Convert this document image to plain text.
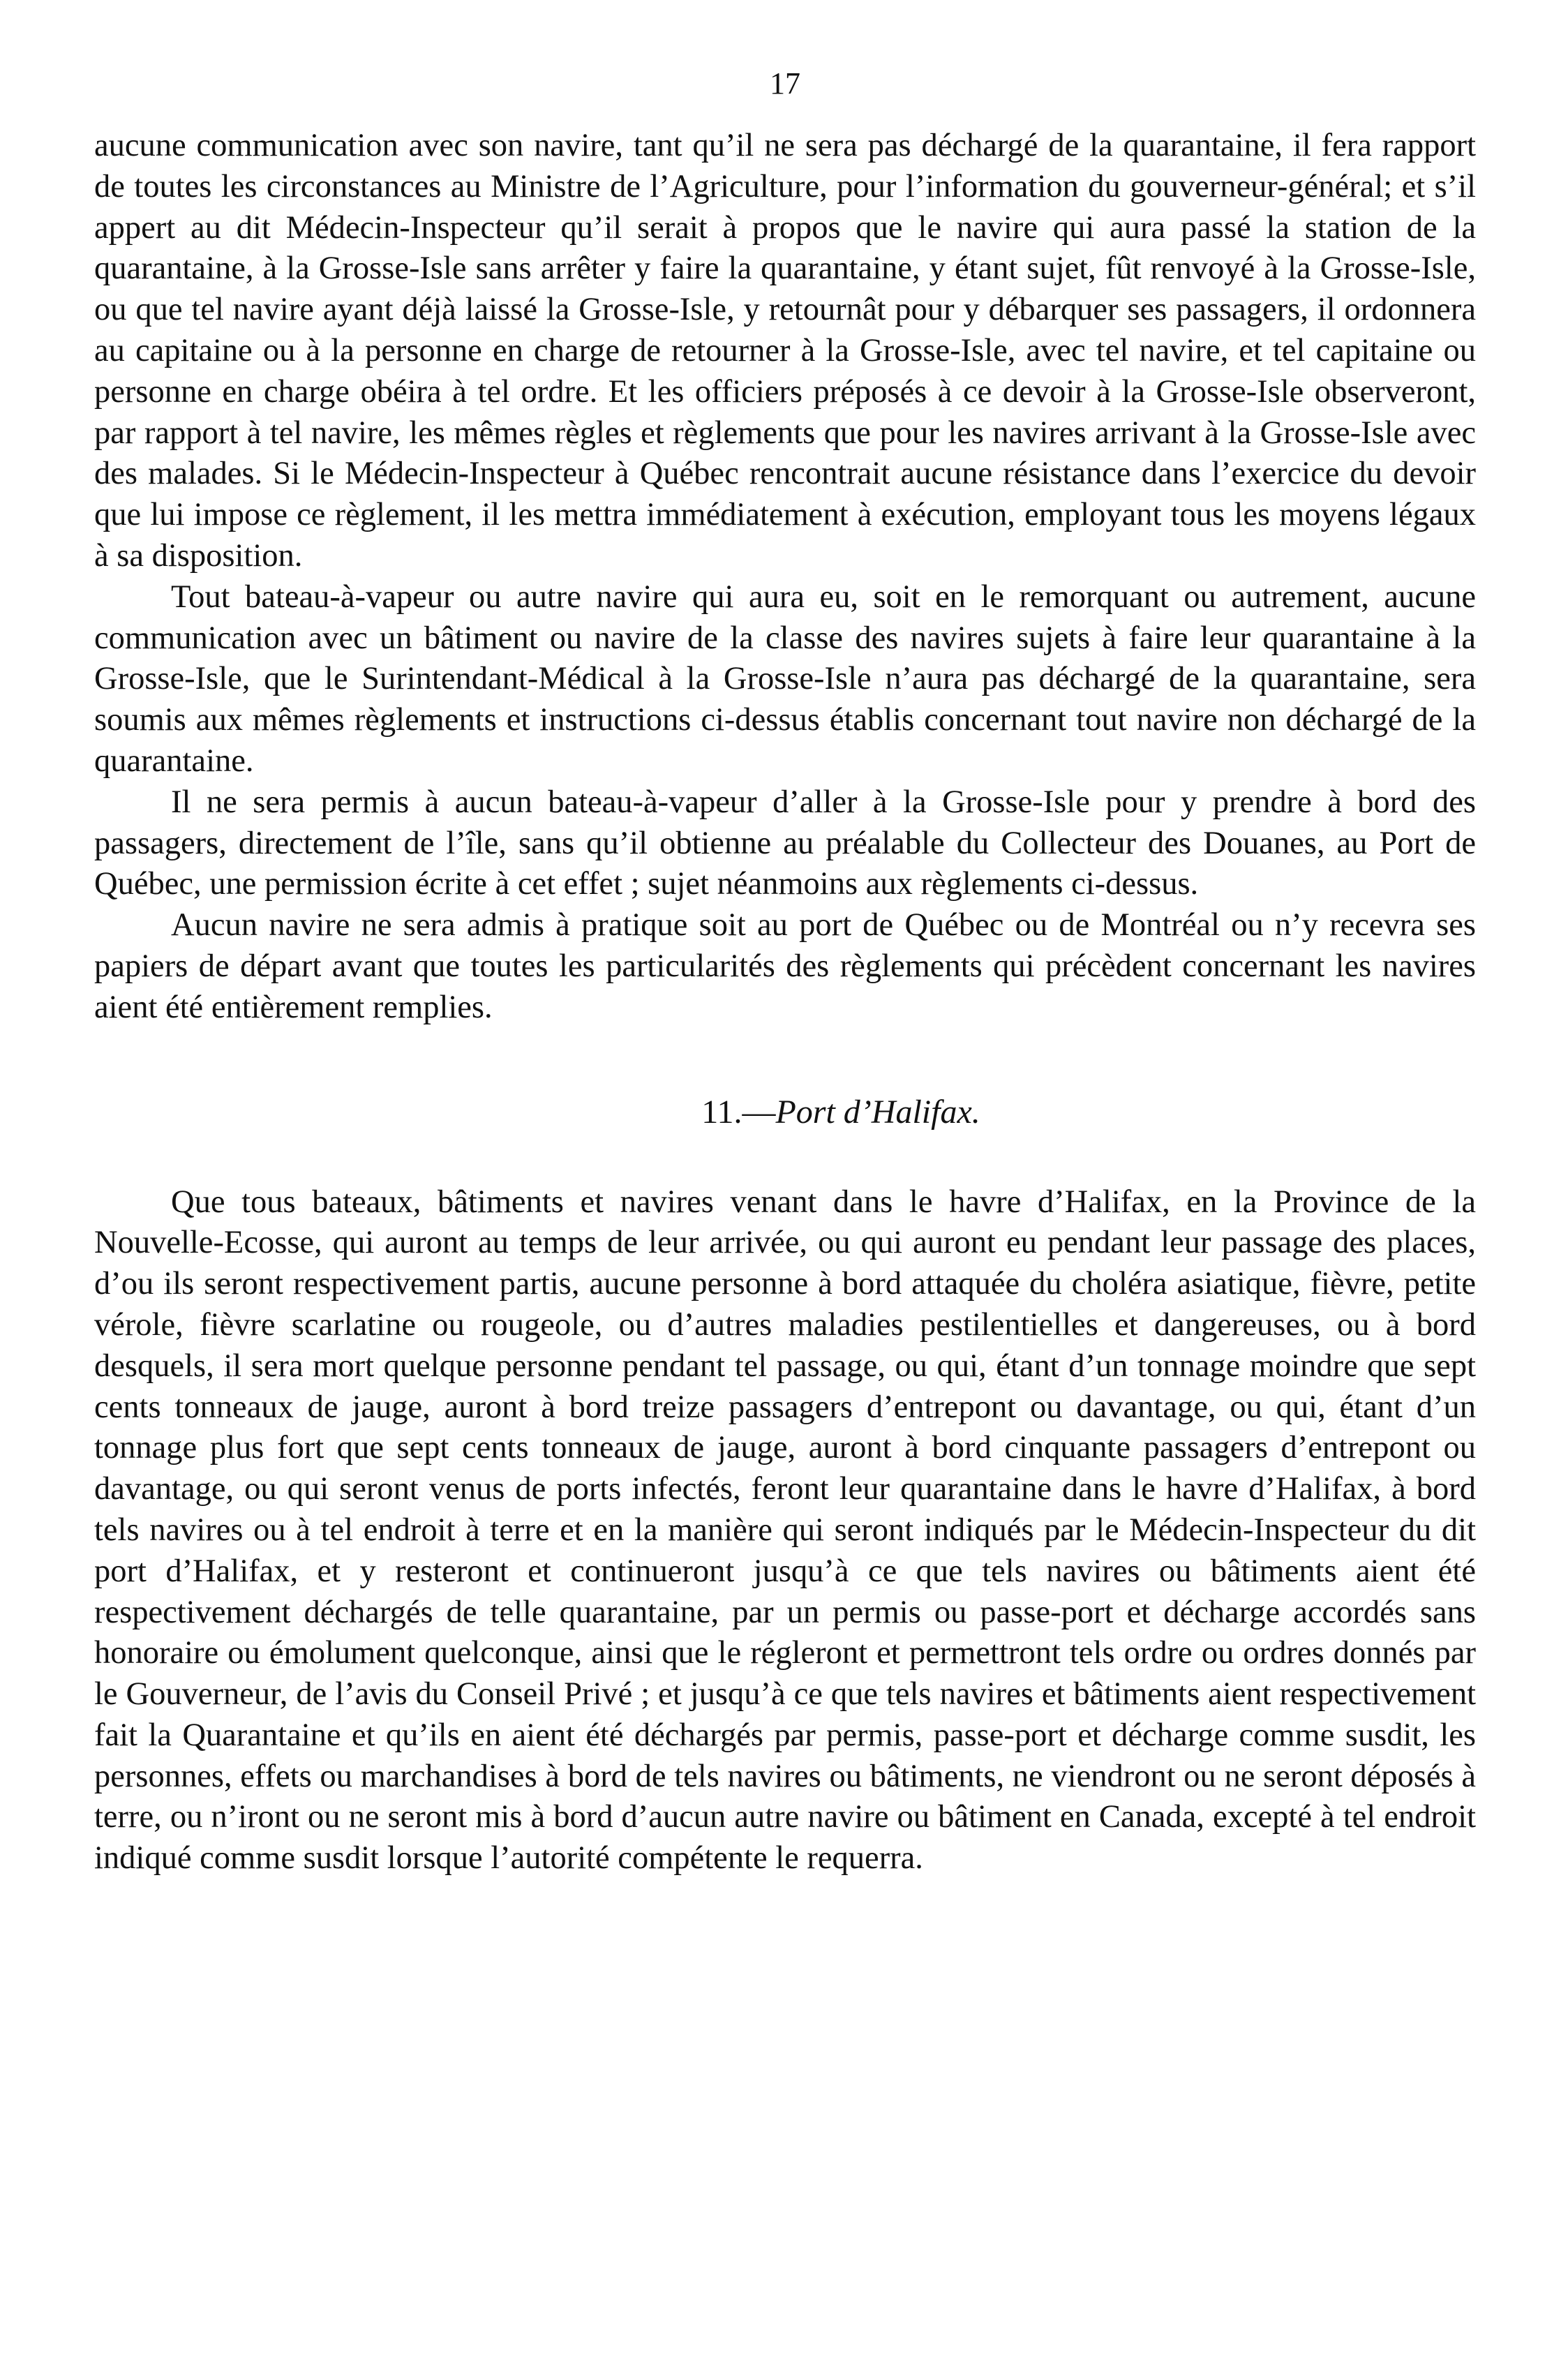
17

aucune communication avec son navire, tant qu’il ne sera pas déchargé de la quarantaine, il fera rapport de toutes les circonstances au Ministre de l’Agriculture, pour l’information du gouverneur-général; et s’il appert au dit Médecin-Inspecteur qu’il serait à propos que le navire qui aura passé la station de la quarantaine, à la Grosse-Isle sans arrêter y faire la quarantaine, y étant sujet, fût renvoyé à la Grosse-Isle, ou que tel navire ayant déjà laissé la Grosse-Isle, y retournât pour y débarquer ses passagers, il ordonnera au capitaine ou à la personne en charge de retourner à la Grosse-Isle, avec tel navire, et tel capitaine ou personne en charge obéira à tel ordre. Et les officiers préposés à ce devoir à la Grosse-Isle observeront, par rapport à tel navire, les mêmes règles et règlements que pour les navires arrivant à la Grosse-Isle avec des malades. Si le Médecin-Inspecteur à Québec rencontrait aucune résistance dans l’exercice du devoir que lui impose ce règlement, il les mettra immédiatement à exécution, employant tous les moyens légaux à sa disposition.

Tout bateau-à-vapeur ou autre navire qui aura eu, soit en le remorquant ou autrement, aucune communication avec un bâtiment ou navire de la classe des navires sujets à faire leur quarantaine à la Grosse-Isle, que le Surintendant-Médical à la Grosse-Isle n’aura pas déchargé de la quarantaine, sera soumis aux mêmes règlements et instructions ci-dessus établis concernant tout navire non déchargé de la quarantaine.

Il ne sera permis à aucun bateau-à-vapeur d’aller à la Grosse-Isle pour y prendre à bord des passagers, directement de l’île, sans qu’il obtienne au préalable du Collecteur des Douanes, au Port de Québec, une permission écrite à cet effet ; sujet néanmoins aux règlements ci-dessus.

Aucun navire ne sera admis à pratique soit au port de Québec ou de Montréal ou n’y recevra ses papiers de départ avant que toutes les particularités des règlements qui précèdent concernant les navires aient été entièrement remplies.

11.—Port d’Halifax.

Que tous bateaux, bâtiments et navires venant dans le havre d’Halifax, en la Province de la Nouvelle-Ecosse, qui auront au temps de leur arrivée, ou qui auront eu pendant leur passage des places, d’ou ils seront respectivement partis, aucune personne à bord attaquée du choléra asiatique, fièvre, petite vérole, fièvre scarlatine ou rougeole, ou d’autres maladies pestilentielles et dangereuses, ou à bord desquels, il sera mort quelque personne pendant tel passage, ou qui, étant d’un tonnage moindre que sept cents tonneaux de jauge, auront à bord treize passagers d’entrepont ou davantage, ou qui, étant d’un tonnage plus fort que sept cents tonneaux de jauge, auront à bord cinquante passagers d’entrepont ou davantage, ou qui seront venus de ports infectés, feront leur quarantaine dans le havre d’Halifax, à bord tels navires ou à tel endroit à terre et en la manière qui seront indiqués par le Médecin-Inspecteur du dit port d’Halifax, et y resteront et continueront jusqu’à ce que tels navires ou bâtiments aient été respectivement déchargés de telle quarantaine, par un permis ou passe-port et décharge accordés sans honoraire ou émolument quelconque, ainsi que le régleront et permettront tels ordre ou ordres donnés par le Gouverneur, de l’avis du Conseil Privé ; et jusqu’à ce que tels navires et bâtiments aient respectivement fait la Quarantaine et qu’ils en aient été déchargés par permis, passe-port et décharge comme susdit, les personnes, effets ou marchandises à bord de tels navires ou bâtiments, ne viendront ou ne seront déposés à terre, ou n’iront ou ne seront mis à bord d’aucun autre navire ou bâtiment en Canada, excepté à tel endroit indiqué comme susdit lorsque l’autorité compétente le requerra.
